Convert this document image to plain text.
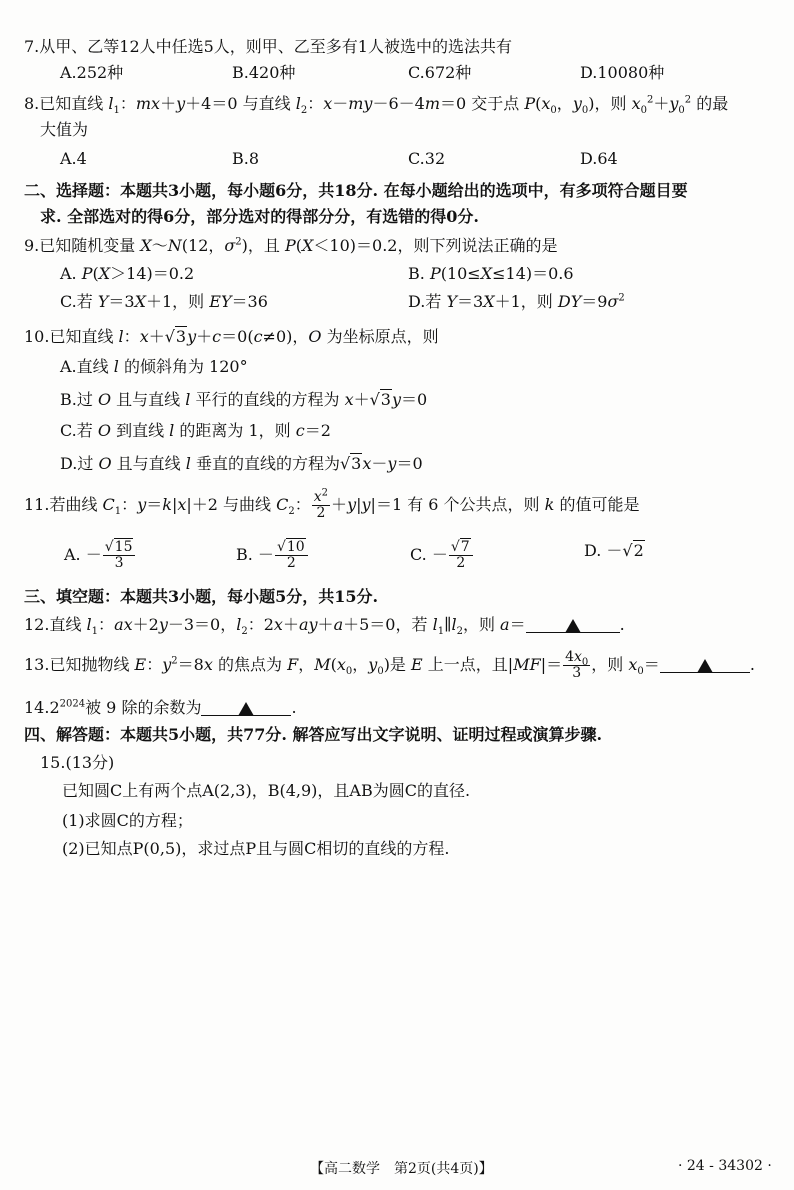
7.从甲、乙等12人中任选5人，则甲、乙至多有1人被选中的选法共有
A.252种	B.420种	C.672种	D.10080种
8.已知直线 $l_1$：mx＋y＋4＝0 与直线 $l_2$：x－my－6－4m＝0 交于点 $P(x_0$，$y_0$)，则 $x_0^2+y_0^2$ 的最
大值为
A.4	B.8	C.32	D.64
二、选择题：本题共3小题，每小题6分，共18分. 在每小题给出的选项中，有多项符合题目要
求. 全部选对的得6分，部分选对的得部分分，有选错的得0分.
9.已知随机变量 X～N(12，$\sigma^2$)，且 P(X＜10)＝0.2，则下列说法正确的是
A. P(X＞14)＝0.2	B. P(10≤X≤14)＝0.6
C.若 Y＝3X＋1，则 EY＝36	D.若 Y＝3X＋1，则 $DY=9\sigma^2$
10.已知直线 l：x＋√3y＋c＝0(c≠0)，O 为坐标原点，则
A.直线 l 的倾斜角为 120°
B.过 O 且与直线 l 平行的直线的方程为 x＋√3y＝0
C.若 O 到直线 l 的距离为 1，则 c＝2
D.过 O 且与直线 l 垂直的直线的方程为√3x－y＝0
11.若曲线 $C_1$：y＝k|x|＋2 与曲线 $C_2$： $\frac{x^2}{2} +y|y|=1$ 有 6 个公共点，则 k 的值可能是
A. － $\frac{√15}{3}$	B. － $\frac{√10}{2}$	C. － $\frac{√7}{2}$	D. －√2
三、填空题：本题共3小题，每小题5分，共15分.
12.直线 $l_1$：ax＋2y－3＝0，$l_2$：2x＋ay＋a＋5＝0，若 $l_1\parallel l_2$，则 a＝	.
13.已知抛物线 E：$y^2=8x$ 的焦点为 F，$M(x_0$，$y_0$)是 E 上一点，且$|MF|= \frac{4x_0}{3}$ ，则 $x_0=$	.
$14.2^{2024}$被 9 除的余数为	.
四、解答题：本题共5小题，共77分. 解答应写出文字说明、证明过程或演算步骤.
15.(13分)
已知圆C上有两个点A(2,3)，B(4,9)，且AB为圆C的直径.
(1)求圆C的方程；
(2)已知点P(0,5)，求过点P且与圆C相切的直线的方程.
【高二数学　第2页(共4页)】	· 24 - 34302 ·
